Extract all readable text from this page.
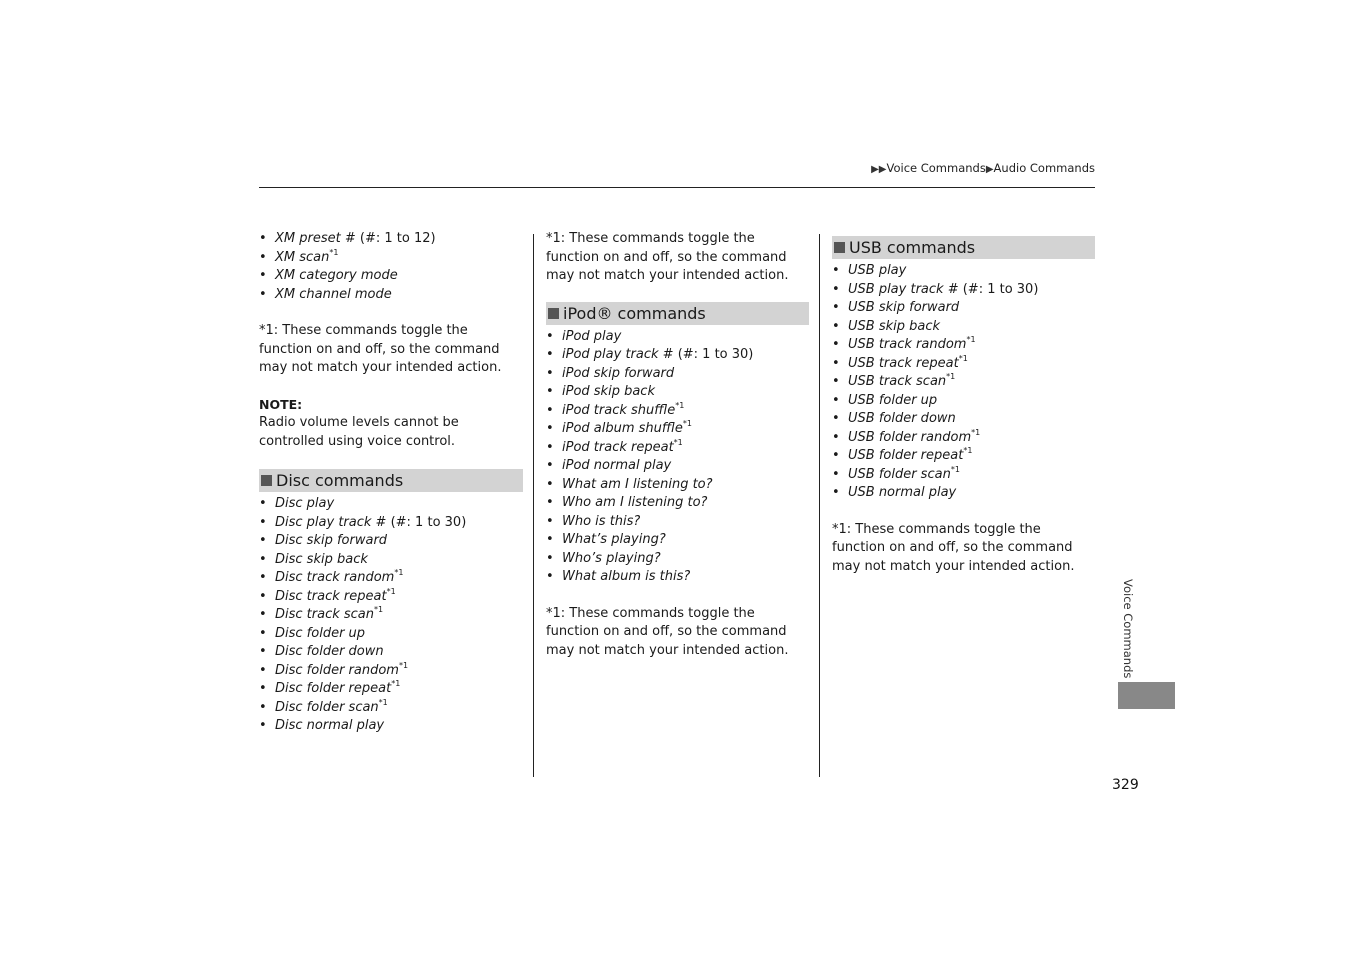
▶▶Voice Commands▶Audio Commands
• XM preset # (#: 1 to 12)
• XM scan$^{*1}$
• XM category mode
• XM channel mode

*1: These commands toggle the function on and off, so the command may not match your intended action.

NOTE:

Radio volume levels cannot be controlled using voice control.

Disc commands
• Disc play
• Disc play track # (#: 1 to 30)
• Disc skip forward
• Disc skip back
• Disc track random$^{*1}$
• Disc track repeat$^{*1}$
• Disc track scan$^{*1}$
• Disc folder up
• Disc folder down
• Disc folder random$^{*1}$
• Disc folder repeat$^{*1}$
• Disc folder scan$^{*1}$
• Disc normal play

*1: These commands toggle the function on and off, so the command may not match your intended action.

iPod® commands
• iPod play
• iPod play track # (#: 1 to 30)
• iPod skip forward
• iPod skip back
• iPod track shuffle$^{*1}$
• iPod album shuffle$^{*1}$
• iPod track repeat$^{*1}$
• iPod normal play
• What am I listening to?
• Who am I listening to?
• Who is this?
• What’s playing?
• Who’s playing?
• What album is this?

*1: These commands toggle the function on and off, so the command may not match your intended action.

USB commands
• USB play
• USB play track # (#: 1 to 30)
• USB skip forward
• USB skip back
• USB track random$^{*1}$
• USB track repeat$^{*1}$
• USB track scan$^{*1}$
• USB folder up
• USB folder down
• USB folder random$^{*1}$
• USB folder repeat$^{*1}$
• USB folder scan$^{*1}$
• USB normal play

*1: These commands toggle the function on and off, so the command may not match your intended action.

Voice Commands
329
